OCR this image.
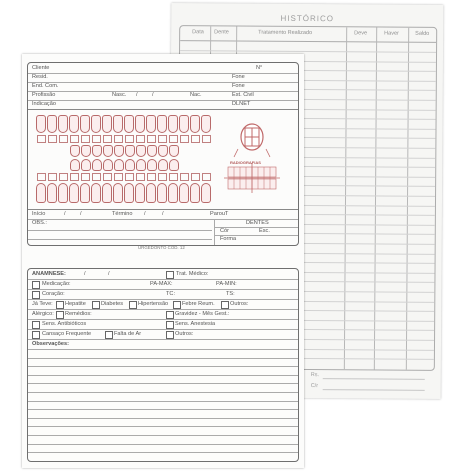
HISTÓRICO
Data Dente	Tratamento Realizado	Deve	Haver	Saldo
Rs.
C/r
Cliente	N°
Resid.	Fone
End. Com.	Fone
Profissão	Nasc. /	/	Nac.	Est. Civil
Indicação	DLNET
RADIOGRAFIAS
Início	/	/	Término /	/	ParouT
OBS.:	DENTES
Cór	Esc.
Forma
URGEDONTO COD. 12
ANAMNESE:	/	/	Trat. Médico:
Medicação:	PA-MAX:	PA-MIN:
Coração:	TC:	TS:
Já Teve: Hepatite	Diabetes	Hipertensão Febre Reum.	Outros:
Alérgico: Remédios:	Gravidez - Mês Gest.:
Sens. Antibióticos	Sens. Anestesia
Cansaço Frequente	Falta de Ar	Outros:
Observações:
